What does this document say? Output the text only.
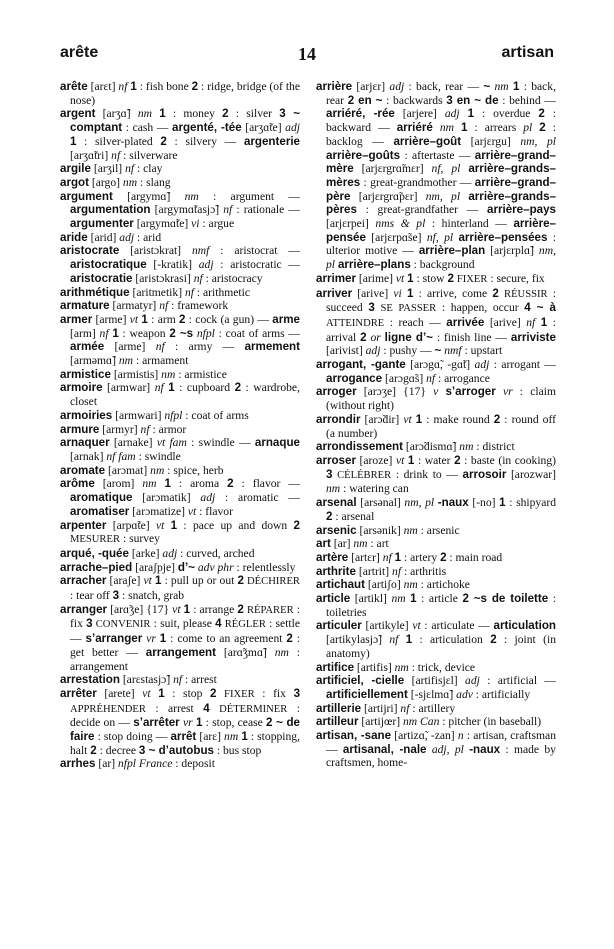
arête	14	artisan

arête [arɛt] nf 1 : fish bone 2 : ridge, bridge (of the nose)

argent [arʒɑ̃] nm 1 : money 2 : silver 3 ~ comptant : cash — argenté, -tée [arʒɑ̃te] adj 1 : silver-plated 2 : silvery — argenterie [arʒɑ̃tri] nf : silverware

argile [arʒil] nf : clay

argot [argo] nm : slang

argument [argymɑ̃] nm : argument — argumentation [argymɑ̃tasjɔ̃] nf : rationale — argumenter [argymɑ̃te] vi : argue

aride [arid] adj : arid

aristocrate [aristɔkrat] nmf : aristocrat — aristocratique [-kratik] adj : aristocratic — aristocratie [aristɔkrasi] nf : aristocracy

arithmétique [aritmetik] nf : arithmetic

armature [armatyr] nf : framework

armer [arme] vt 1 : arm 2 : cock (a gun) — arme [arm] nf 1 : weapon 2 ~s nfpl : coat of arms — armée [arme] nf : army — armement [armәmɑ̃] nm : armament

armistice [armistis] nm : armistice

armoire [armwar] nf 1 : cupboard 2 : wardrobe, closet

armoiries [armwari] nfpl : coat of arms

armure [armyr] nf : armor

arnaquer [arnake] vt fam : swindle — arnaque [arnak] nf fam : swindle

aromate [arɔmat] nm : spice, herb

arôme [arom] nm 1 : aroma 2 : flavor — aromatique [arɔmatik] adj : aromatic — aromatiser [arɔmatize] vt : flavor

arpenter [arpɑ̃te] vt 1 : pace up and down 2 MESURER : survey

arqué, -quée [arke] adj : curved, arched

arrache–pied [araʃpje] d’~ adv phr : relentlessly

arracher [araʃe] vt 1 : pull up or out 2 DÉCHIRER : tear off 3 : snatch, grab

arranger [arɑ̃ʒe] {17} vt 1 : arrange 2 RÉPARER : fix 3 CONVENIR : suit, please 4 RÉGLER : settle — s’arranger vr 1 : come to an agreement 2 : get better — arrangement [arɑ̃ʒmɑ̃] nm : arrangement

arrestation [arɛstasjɔ̃] nf : arrest

arrêter [arete] vt 1 : stop 2 FIXER : fix 3 APPRÉHENDER : arrest 4 DÉTERMINER : decide on — s’arrêter vr 1 : stop, cease 2 ~ de faire : stop doing — arrêt [arɛ] nm 1 : stopping, halt 2 : decree 3 ~ d’autobus : bus stop

arrhes [ar] nfpl France : deposit

arrière [arjɛr] adj : back, rear — ~ nm 1 : back, rear 2 en ~ : backwards 3 en ~ de : behind — arriéré, -rée [arjere] adj 1 : overdue 2 : backward — arriéré nm 1 : arrears pl 2 : backlog — arrière–goût [arjɛrgu] nm, pl arrière–goûts : aftertaste — arrière–grand–mère [arjɛrgrɑ̃mɛr] nf, pl arrière–grands–mères : great-grandmother — arrière–grand–père [arjɛrgrɑ̃pɛr] nm, pl arrière–grands–pères : great-grandfather — arrière–pays [arjɛrpei] nms & pl : hinterland — arrière–pensée [arjɛrpɑ̃se] nf, pl arrière–pensées : ulterior motive — arrière–plan [arjɛrplɑ̃] nm, pl arrière–plans : background

arrimer [arime] vt 1 : stow 2 FIXER : secure, fix

arriver [arive] vi 1 : arrive, come 2 RÉUSSIR : succeed 3 SE PASSER : happen, occur 4 ~ à ATTEINDRE : reach — arrivée [arive] nf 1 : arrival 2 or ligne d’~ : finish line — arriviste [arivist] adj : pushy — ~ nmf : upstart

arrogant, -gante [arɔgɑ̃, -gɑ̃t] adj : arrogant — arrogance [arɔgɑ̃s] nf : arrogance

arroger [arɔʒe] {17} v s’arroger vr : claim (without right)

arrondir [arɔ̃dir] vt 1 : make round 2 : round off (a number)

arrondissement [arɔ̃dismɑ̃] nm : district

arroser [aroze] vt 1 : water 2 : baste (in cooking) 3 CÉLÉBRER : drink to — arrosoir [arozwar] nm : watering can

arsenal [arsәnal] nm, pl -naux [-no] 1 : shipyard 2 : arsenal

arsenic [arsәnik] nm : arsenic

art [ar] nm : art

artère [artɛr] nf 1 : artery 2 : main road

arthrite [artrit] nf : arthritis

artichaut [artiʃo] nm : artichoke

article [artikl] nm 1 : article 2 ~s de toilette : toiletries

articuler [artikyle] vt : articulate — articulation [artikylasjɔ̃] nf 1 : articulation 2 : joint (in anatomy)

artifice [artifis] nm : trick, device

artificiel, -cielle [artifisjɛl] adj : artificial — artificiellement [-sjɛlmɑ̃] adv : artificially

artillerie [artijri] nf : artillery

artilleur [artijœr] nm Can : pitcher (in baseball)

artisan, -sane [artizɑ̃, -zan] n : artisan, craftsman — artisanal, -nale adj, pl -naux : made by craftsmen, home-
